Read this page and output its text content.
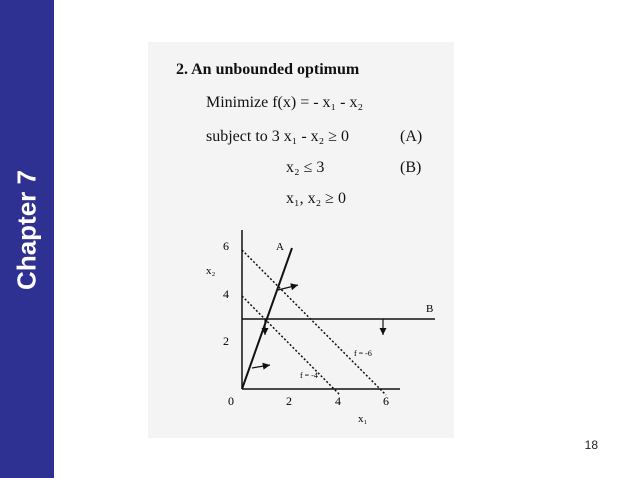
Chapter 7
2. An unbounded optimum
Minimize f(x) = - x₁ - x₂
subject to 3 x₁ - x₂ ≥ 0	(A)
x₂ ≤ 3	(B)
x₁, x₂ ≥ 0
6
4
2
0	2	4	6
x₁
x₂
A
B
f = -6
f = -4
18
